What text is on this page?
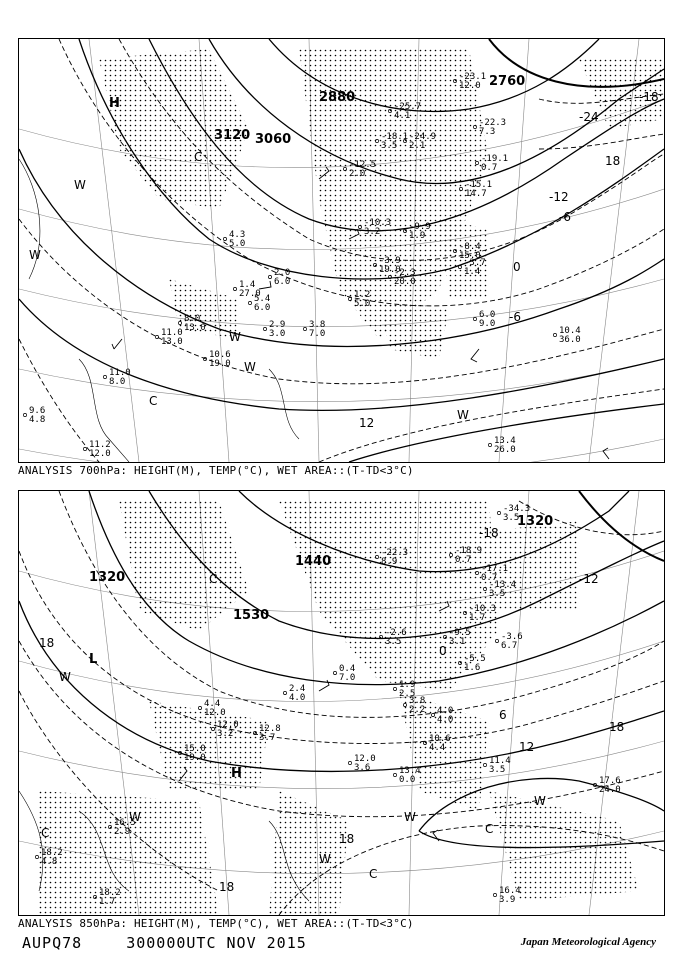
3120 3060
2880
2760
-24
-18
-12
-6
0
18
-6
12
H
C
W
W
W
W
C
W
-23.1
12.0
-25.7
4.1
-22.3
7.3
-18.1
3.5
-24.9
2.1
-19.1
0.7
-15.1
14.7
-12.5
2.0
-10.3
3.2	-9.9
1.9
-8.4
15.0
-3.9
19.0
-2.3
20.0
1.2
5.0
5.4
6.0
3.8
7.0
2.9
3.0
8.0
13.0
11.0
13.0
10.6
19.0
11.0
8.0
9.6
4.8
11.2
12.0
4.3
5.0
2.0
6.0
1.4
27.0
6.0
9.0
10.4
36.0
13.4
26.0
-3.7
1.4
ANALYSIS 700hPa: HEIGHT(M), TEMP(°C), WET AREA::(T-TD<3°C)
1320
1530
1440
1320
-18
-12
0
6
12
18
18
18
18
C
L
W
H
W
W
C
W
C
W
C
-34.3
3.5
-22.3
8.9
-18.9
0.7
-17.1
0.7
-13.4
3.5
-10.3
1.7
-9.5
3.1
-5.5
1.6
-3.6
6.7
-2.6
3.5
0.4
7.0
1.9
2.5
3.8
2.2 4.0
4.0
10.6
4.4
13.4
0.0
11.4
3.5
17.6
24.0
16.4
3.9
18.2
1.7
18.2
4.8
16.5
2.9
12.0
3.2	12.8
3.7
2.4
4.0
4.4
12.0
15.0
19.0	12.0
3.6
ANALYSIS 850hPa: HEIGHT(M), TEMP(°C), WET AREA::(T-TD<3°C)
AUPQ78	300000UTC NOV 2015	Japan Meteorological Agency
